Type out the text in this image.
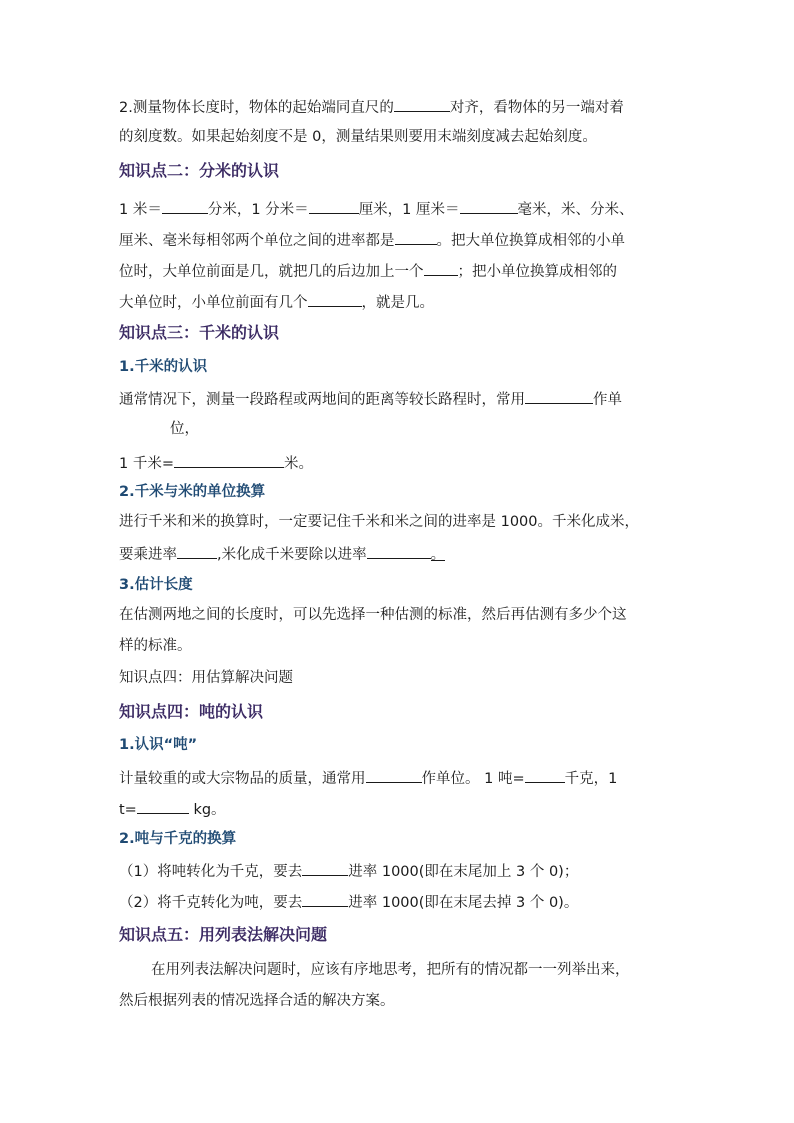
2.测量物体长度时，物体的起始端同直尺的	对齐，看物体的另一端对着
的刻度数。如果起始刻度不是 0，测量结果则要用末端刻度减去起始刻度。
知识点二：分米的认识
1 米＝	分米，1 分米＝	厘米，1 厘米＝	毫米，米、分米、
厘米、毫米每相邻两个单位之间的进率都是	。把大单位换算成相邻的小单
位时，大单位前面是几，就把几的后边加上一个 ；把小单位换算成相邻的
大单位时，小单位前面有几个	，就是几。
知识点三：千米的认识
1.千米的认识
通常情况下，测量一段路程或两地间的距离等较长路程时，常用	作单
位，
1 千米=	米。
2.千米与米的单位换算
进行千米和米的换算时，一定要记住千米和米之间的进率是 1000。千米化成米，
要乘进率	,米化成千米要除以进率	。
3.估计长度
在估测两地之间的长度时，可以先选择一种估测的标准，然后再估测有多少个这
样的标准。
知识点四：用估算解决问题
知识点四：吨的认识
1.认识“吨”
计量较重的或大宗物品的质量，通常用	作单位。 1 吨=	千克，1
t=	kg。
2.吨与千克的换算
（1）将吨转化为千克，要去	进率 1000(即在末尾加上 3 个 0)；
（2）将千克转化为吨，要去	进率 1000(即在末尾去掉 3 个 0)。
知识点五：用列表法解决问题
在用列表法解决问题时，应该有序地思考，把所有的情况都一一列举出来，
然后根据列表的情况选择合适的解决方案。
